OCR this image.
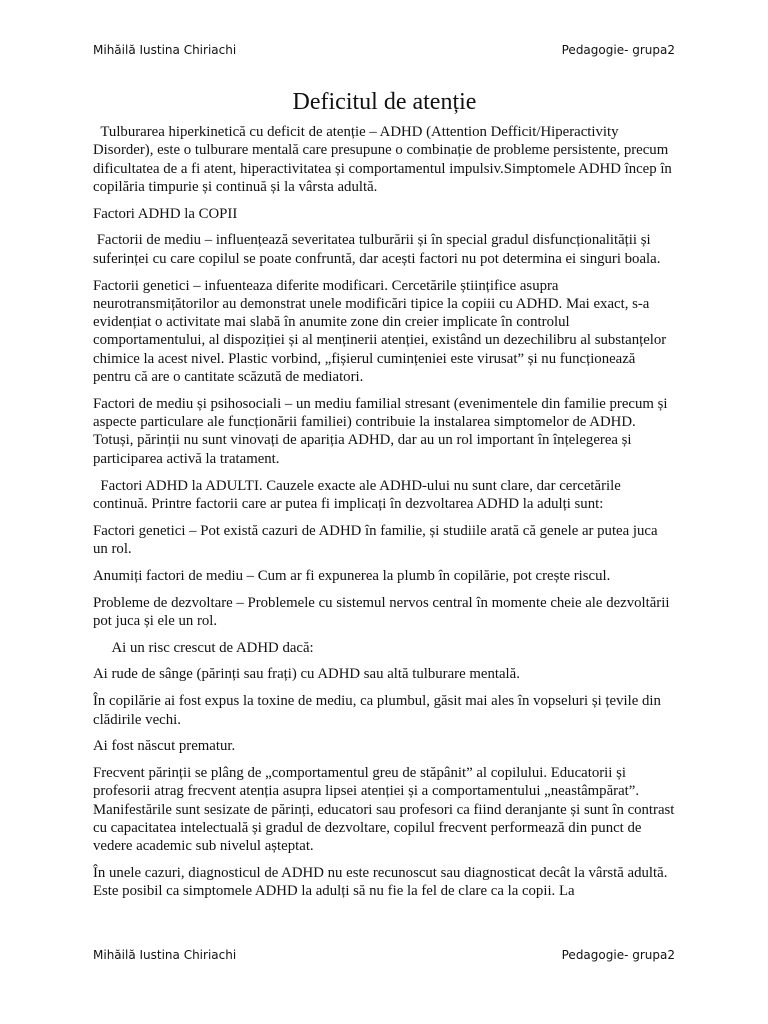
Mihăilă Iustina Chiriachi	Pedagogie- grupa2
Deficitul de atenție

Tulburarea hiperkinetică cu deficit de atenție – ADHD (Attention Defficit/Hiperactivity Disorder), este o tulburare mentală care presupune o combinație de probleme persistente, precum dificultatea de a fi atent, hiperactivitatea și comportamentul impulsiv.Simptomele ADHD încep în copilăria timpurie și continuă și la vârsta adultă.

Factori ADHD la COPII

Factorii de mediu – influențează severitatea tulburării și în special gradul disfuncționalității și suferinței cu care copilul se poate confruntă, dar acești factori nu pot determina ei singuri boala.

Factorii genetici – infuenteaza diferite modificari. Cercetările științifice asupra neurotransmițătorilor au demonstrat unele modificări tipice la copiii cu ADHD. Mai exact, s-a evidențiat o activitate mai slabă în anumite zone din creier implicate în controlul comportamentului, al dispoziției și al menținerii atenției, existând un dezechilibru al substanțelor chimice la acest nivel. Plastic vorbind, „fișierul cumințeniei este virusat” și nu funcționează pentru că are o cantitate scăzută de mediatori.

Factori de mediu și psihosociali – un mediu familial stresant (evenimentele din familie precum și aspecte particulare ale funcționării familiei) contribuie la instalarea simptomelor de ADHD. Totuși, părinții nu sunt vinovați de apariția ADHD, dar au un rol important în înțelegerea și participarea activă la tratament.

Factori ADHD la ADULTI. Cauzele exacte ale ADHD-ului nu sunt clare, dar cercetările continuă. Printre factorii care ar putea fi implicați în dezvoltarea ADHD la adulți sunt:

Factori genetici – Pot există cazuri de ADHD în familie, și studiile arată că genele ar putea juca un rol.

Anumiți factori de mediu – Cum ar fi expunerea la plumb în copilărie, pot crește riscul.

Probleme de dezvoltare – Problemele cu sistemul nervos central în momente cheie ale dezvoltării pot juca și ele un rol.

Ai un risc crescut de ADHD dacă:

Ai rude de sânge (părinți sau frați) cu ADHD sau altă tulburare mentală.

În copilărie ai fost expus la toxine de mediu, ca plumbul, găsit mai ales în vopseluri și țevile din clădirile vechi.

Ai fost născut prematur.

Frecvent părinții se plâng de „comportamentul greu de stăpânit” al copilului. Educatorii și profesorii atrag frecvent atenția asupra lipsei atenției și a comportamentului „neastâmpărat”. Manifestările sunt sesizate de părinți, educatori sau profesori ca fiind deranjante și sunt în contrast cu capacitatea intelectuală și gradul de dezvoltare, copilul frecvent performează din punct de vedere academic sub nivelul așteptat.

În unele cazuri, diagnosticul de ADHD nu este recunoscut sau diagnosticat decât la vârstă adultă. Este posibil ca simptomele ADHD la adulți să nu fie la fel de clare ca la copii. La

Mihăilă Iustina Chiriachi	Pedagogie- grupa2
